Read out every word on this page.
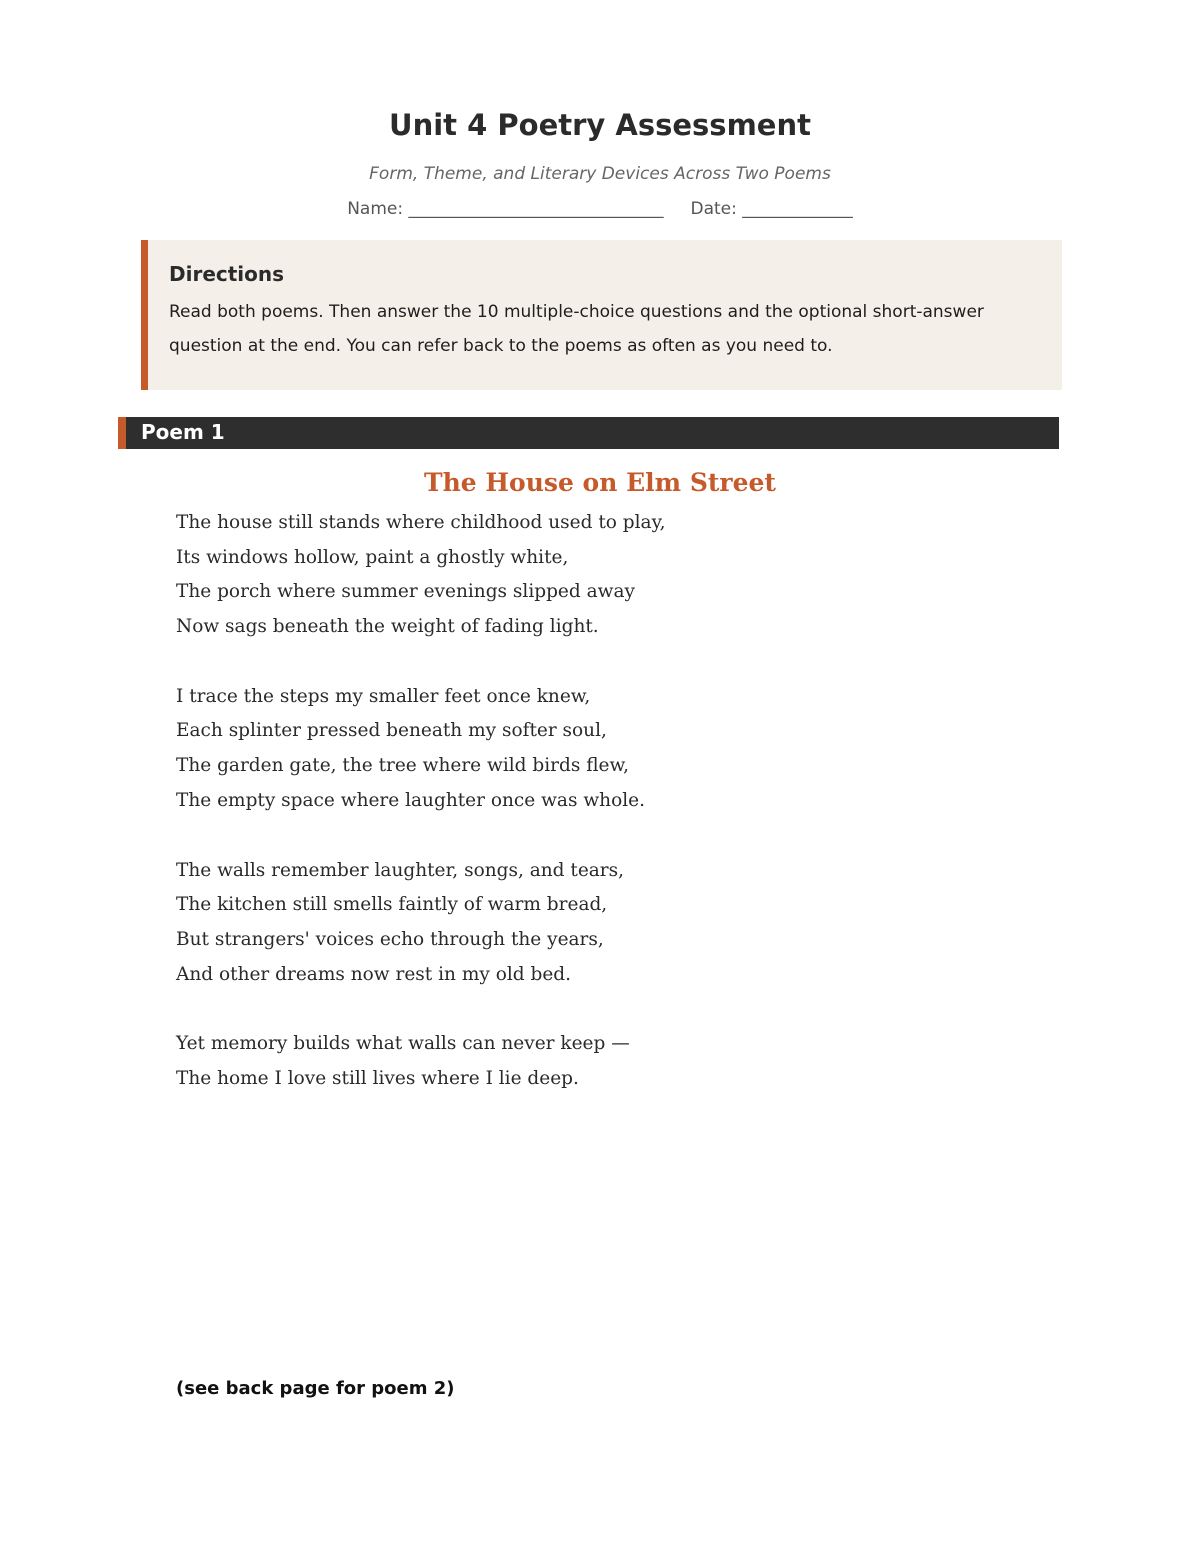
Unit 4 Poetry Assessment
Form, Theme, and Literary Devices Across Two Poems
Name: ______________________________     Date: _____________
Directions
Read both poems. Then answer the 10 multiple-choice questions and the optional short-answer question at the end. You can refer back to the poems as often as you need to.
Poem 1
The House on Elm Street
The house still stands where childhood used to play,
Its windows hollow, paint a ghostly white,
The porch where summer evenings slipped away
Now sags beneath the weight of fading light.
I trace the steps my smaller feet once knew,
Each splinter pressed beneath my softer soul,
The garden gate, the tree where wild birds flew,
The empty space where laughter once was whole.
The walls remember laughter, songs, and tears,
The kitchen still smells faintly of warm bread,
But strangers' voices echo through the years,
And other dreams now rest in my old bed.
Yet memory builds what walls can never keep —
The home I love still lives where I lie deep.
(see back page for poem 2)
